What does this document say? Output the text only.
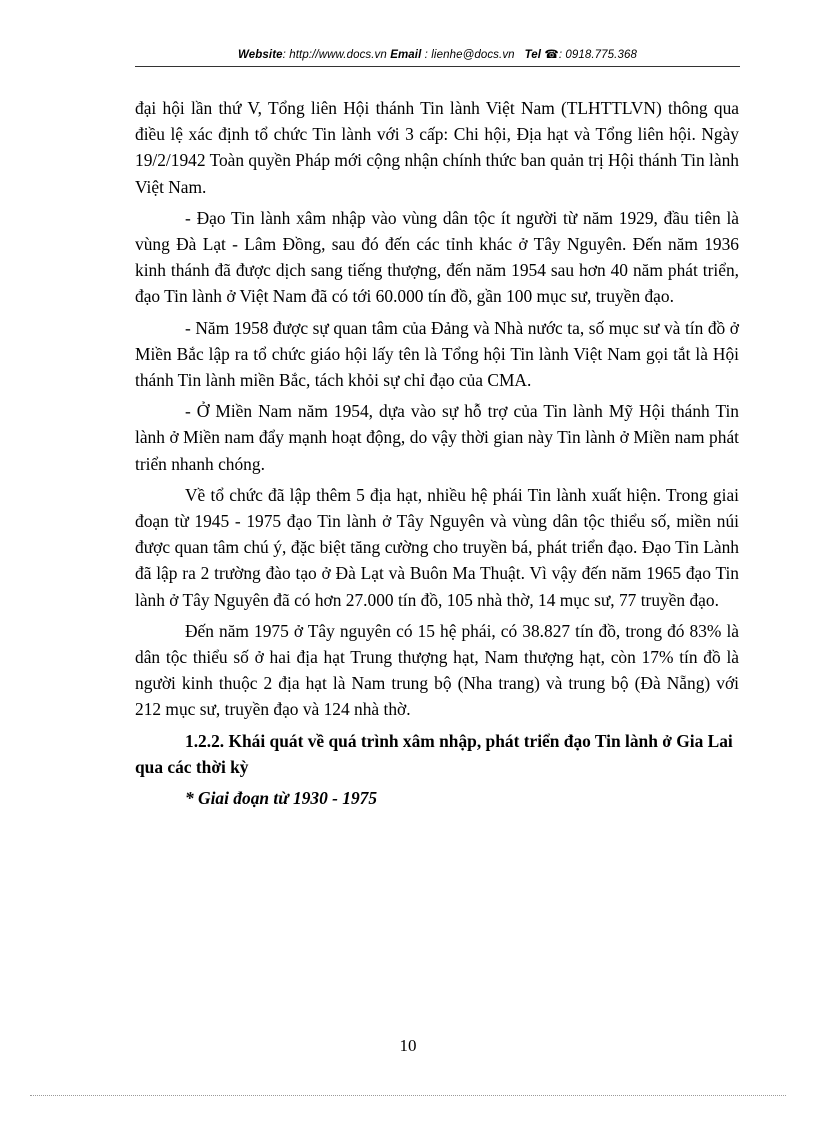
Website: http://www.docs.vn Email : lienhe@docs.vn Tel ☎: 0918.775.368

đại hội lần thứ V, Tổng liên Hội thánh Tin lành Việt Nam (TLHTTLVN) thông qua điều lệ xác định tổ chức Tin lành với 3 cấp: Chi hội, Địa hạt và Tổng liên hội. Ngày 19/2/1942 Toàn quyền Pháp mới cộng nhận chính thức ban quản trị Hội thánh Tin lành Việt Nam.

- Đạo Tin lành xâm nhập vào vùng dân tộc ít người từ năm 1929, đầu tiên là vùng Đà Lạt - Lâm Đồng, sau đó đến các tỉnh khác ở Tây Nguyên. Đến năm 1936 kinh thánh đã được dịch sang tiếng thượng, đến năm 1954 sau hơn 40 năm phát triển, đạo Tin lành ở Việt Nam đã có tới 60.000 tín đồ, gần 100 mục sư, truyền đạo.

- Năm 1958 được sự quan tâm của Đảng và Nhà nước ta, số mục sư và tín đồ ở Miền Bắc lập ra tổ chức giáo hội lấy tên là Tổng hội Tin lành Việt Nam gọi tắt là Hội thánh Tin lành miền Bắc, tách khỏi sự chỉ đạo của CMA.

- Ở Miền Nam năm 1954, dựa vào sự hỗ trợ của Tin lành Mỹ Hội thánh Tin lành ở Miền nam đẩy mạnh hoạt động, do vậy thời gian này Tin lành ở Miền nam phát triển nhanh chóng.

Về tổ chức đã lập thêm 5 địa hạt, nhiều hệ phái Tin lành xuất hiện. Trong giai đoạn từ 1945 - 1975 đạo Tin lành ở Tây Nguyên và vùng dân tộc thiểu số, miền núi được quan tâm chú ý, đặc biệt tăng cường cho truyền bá, phát triển đạo. Đạo Tin Lành đã lập ra 2 trường đào tạo ở Đà Lạt và Buôn Ma Thuật. Vì vậy đến năm 1965 đạo Tin lành ở Tây Nguyên đã có hơn 27.000 tín đồ, 105 nhà thờ, 14 mục sư, 77 truyền đạo.

Đến năm 1975 ở Tây nguyên có 15 hệ phái, có 38.827 tín đồ, trong đó 83% là dân tộc thiểu số ở hai địa hạt Trung thượng hạt, Nam thượng hạt, còn 17% tín đồ là người kinh thuộc 2 địa hạt là Nam trung bộ (Nha trang) và trung bộ (Đà Nẵng) với 212 mục sư, truyền đạo và 124 nhà thờ.

1.2.2. Khái quát về quá trình xâm nhập, phát triển đạo Tin lành ở Gia Lai qua các thời kỳ

* Giai đoạn từ 1930 - 1975

10
